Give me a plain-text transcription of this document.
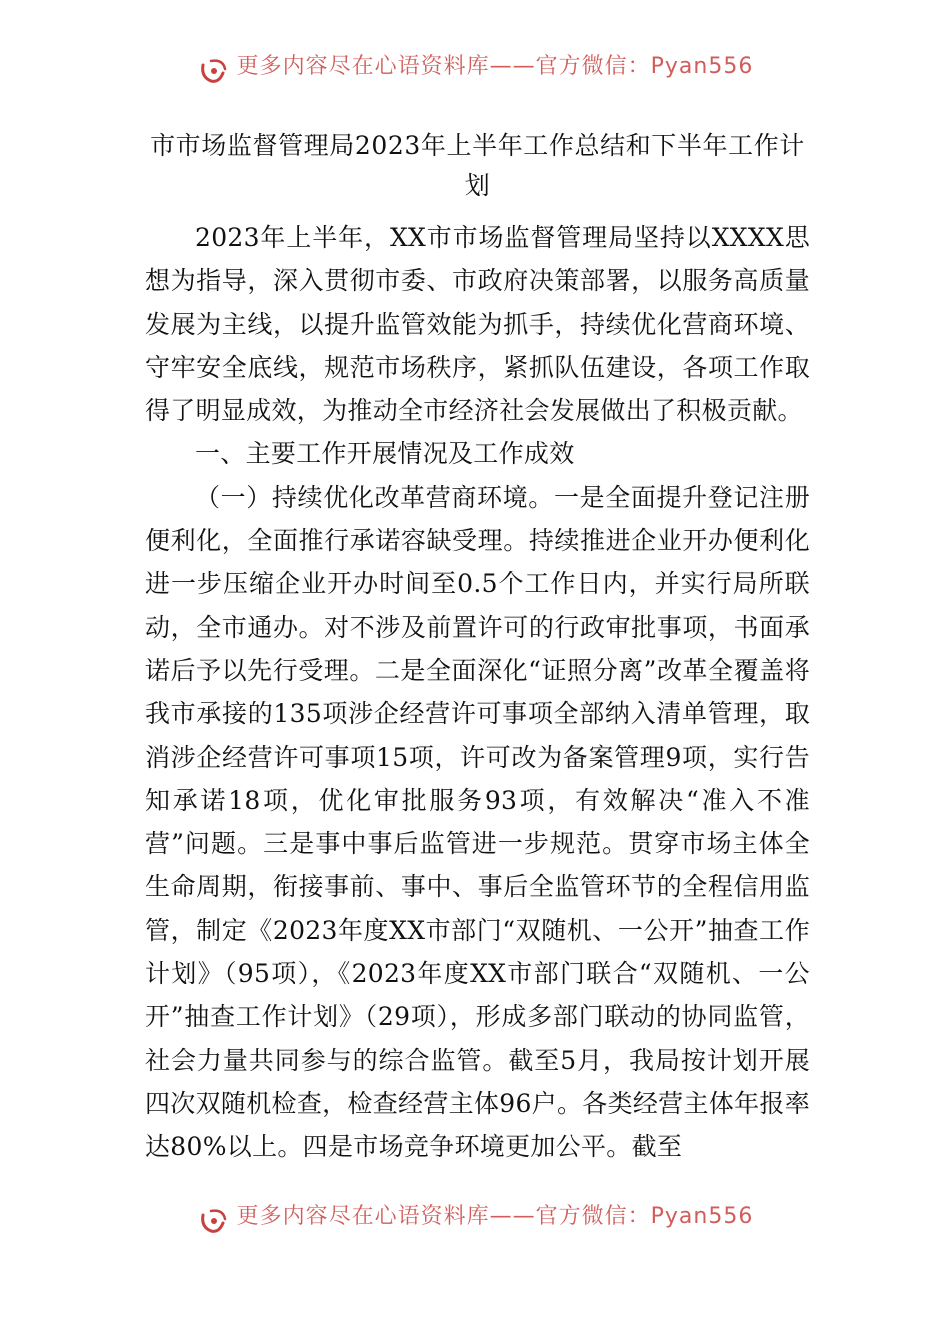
更多内容尽在心语资料库——官方微信：Pyan556
市市场监督管理局2023年上半年工作总结和下半年工作计划

2023年上半年，XX市市场监督管理局坚持以XXXX思想为指导，深入贯彻市委、市政府决策部署，以服务高质量发展为主线，以提升监管效能为抓手，持续优化营商环境、守牢安全底线，规范市场秩序，紧抓队伍建设，各项工作取得了明显成效，为推动全市经济社会发展做出了积极贡献。

一、主要工作开展情况及工作成效

（一）持续优化改革营商环境。一是全面提升登记注册便利化，全面推行承诺容缺受理。持续推进企业开办便利化进一步压缩企业开办时间至0.5个工作日内，并实行局所联动，全市通办。对不涉及前置许可的行政审批事项，书面承诺后予以先行受理。二是全面深化“证照分离”改革全覆盖将我市承接的135项涉企经营许可事项全部纳入清单管理，取消涉企经营许可事项15项，许可改为备案管理9项，实行告知承诺18项，优化审批服务93项，有效解决“准入不准营”问题。三是事中事后监管进一步规范。贯穿市场主体全生命周期，衔接事前、事中、事后全监管环节的全程信用监管，制定《2023年度XX市部门“双随机、一公开”抽查工作计划》（95项），《2023年度XX市部门联合“双随机、一公开”抽查工作计划》（29项），形成多部门联动的协同监管，社会力量共同参与的综合监管。截至5月，我局按计划开展四次双随机检查，检查经营主体96户。各类经营主体年报率达80%以上。四是市场竞争环境更加公平。截至

更多内容尽在心语资料库——官方微信：Pyan556
